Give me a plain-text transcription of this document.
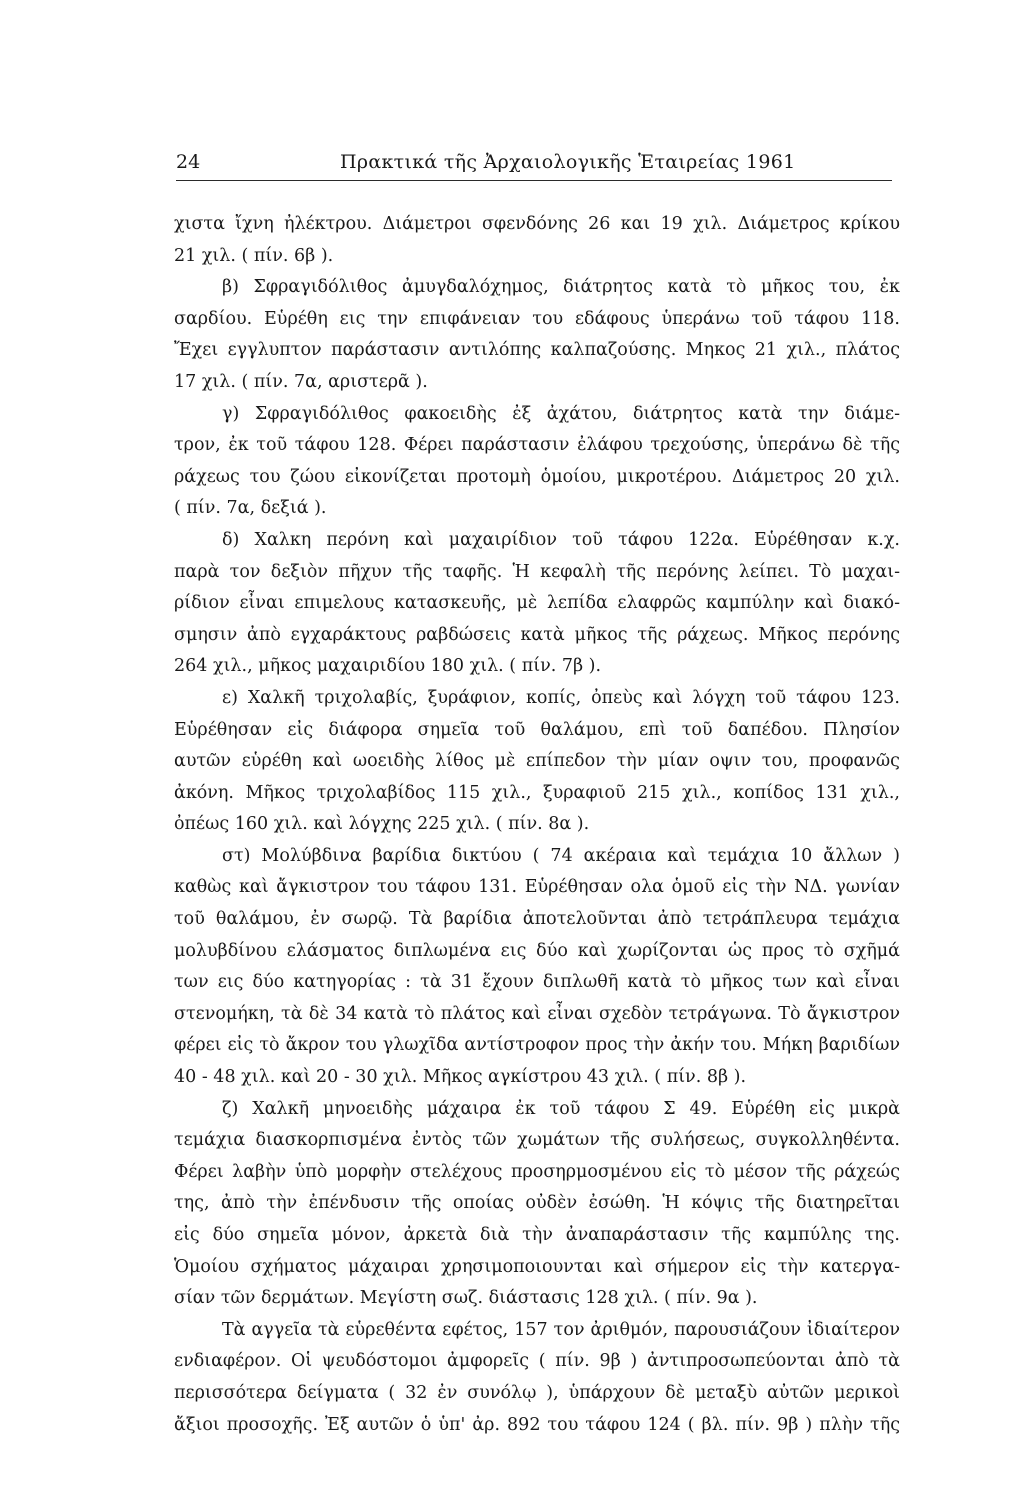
24	Πρακτικά τῆς Ἀρχαιολογικῆς Ἑταιρείας 1961
χιστα ἴχνη ἠλέκτρου. Διάμετροι σφενδόνης 26 και 19 χιλ. Διάμετρος κρίκου
21 χιλ. ( πίν. 6β ).
β) Σφραγιδόλιθος ἀμυγδαλόχημος, διάτρητος κατὰ τὸ μῆκος του, ἐκ
σαρδίου. Εὑρέθη εις την επιφάνειαν του εδάφους ὑπεράνω τοῦ τάφου 118.
Ἔχει εγγλυπτον παράστασιν αντιλόπης καλπαζούσης. Μηκος 21 χιλ., πλάτος
17 χιλ. ( πίν. 7α, αριστερᾶ ).
γ) Σφραγιδόλιθος φακοειδὴς ἐξ ἀχάτου, διάτρητος κατὰ την διάμε-
τρον, ἐκ τοῦ τάφου 128. Φέρει παράστασιν ἐλάφου τρεχούσης, ὑπεράνω δὲ τῆς
ράχεως του ζώου εἰκονίζεται προτομὴ ὁμοίου, μικροτέρου. Διάμετρος 20 χιλ.
( πίν. 7α, δεξιά ).
δ) Χαλκη περόνη καὶ μαχαιρίδιον τοῦ τάφου 122α. Εὑρέθησαν κ.χ.
παρὰ τον δεξιὸν πῆχυν τῆς ταφῆς. Ἡ κεφαλὴ τῆς περόνης λείπει. Τὸ μαχαι-
ρίδιον εἶναι επιμελους κατασκευῆς, μὲ λεπίδα ελαφρῶς καμπύλην καὶ διακό-
σμησιν ἀπὸ εγχαράκτους ραβδώσεις κατὰ μῆκος τῆς ράχεως. Μῆκος περόνης
264 χιλ., μῆκος μαχαιριδίου 180 χιλ. ( πίν. 7β ).
ε) Χαλκῆ τριχολαβίς, ξυράφιον, κοπίς, ὀπεὺς καὶ λόγχη τοῦ τάφου 123.
Εὑρέθησαν εἰς διάφορα σημεῖα τοῦ θαλάμου, επὶ τοῦ δαπέδου. Πλησίον
αυτῶν εὑρέθη καὶ ωοειδὴς λίθος μὲ επίπεδον τὴν μίαν οψιν του, προφανῶς
ἀκόνη. Μῆκος τριχολαβίδος 115 χιλ., ξυραφιοῦ 215 χιλ., κοπίδος 131 χιλ.,
ὀπέως 160 χιλ. καὶ λόγχης 225 χιλ. ( πίν. 8α ).
στ) Μολύβδινα βαρίδια δικτύου ( 74 ακέραια καὶ τεμάχια 10 ἄλλων )
καθὼς καὶ ἄγκιστρον του τάφου 131. Εὑρέθησαν ολα ὁμοῦ εἰς τὴν ΝΔ. γωνίαν
τοῦ θαλάμου, ἐν σωρῷ. Τὰ βαρίδια ἀποτελοῦνται ἀπὸ τετράπλευρα τεμάχια
μολυβδίνου ελάσματος διπλωμένα εις δύο καὶ χωρίζονται ὡς προς τὸ σχῆμά
των εις δύο κατηγορίας : τὰ 31 ἔχουν διπλωθῆ κατὰ τὸ μῆκος των καὶ εἶναι
στενομήκη, τὰ δὲ 34 κατὰ τὸ πλάτος καὶ εἶναι σχεδὸν τετράγωνα. Τὸ ἄγκιστρον
φέρει εἰς τὸ ἄκρον του γλωχῖδα αντίστροφον προς τὴν ἀκήν του. Μήκη βαριδίων
40 - 48 χιλ. καὶ 20 - 30 χιλ. Μῆκος αγκίστρου 43 χιλ. ( πίν. 8β ).
ζ) Χαλκῆ μηνοειδὴς μάχαιρα ἐκ τοῦ τάφου Σ 49. Εὑρέθη εἰς μικρὰ
τεμάχια διασκορπισμένα ἐντὸς τῶν χωμάτων τῆς συλήσεως, συγκολληθέντα.
Φέρει λαβὴν ὑπὸ μορφὴν στελέχους προσηρμοσμένου εἰς τὸ μέσον τῆς ράχεώς
της, ἀπὸ τὴν ἐπένδυσιν τῆς οποίας οὐδὲν ἐσώθη. Ἡ κόψις τῆς διατηρεῖται
εἰς δύο σημεῖα μόνον, ἀρκετὰ διὰ τὴν ἀναπαράστασιν τῆς καμπύλης της.
Ὁμοίου σχήματος μάχαιραι χρησιμοποιουνται καὶ σήμερον εἰς τὴν κατεργα-
σίαν τῶν δερμάτων. Μεγίστη σωζ. διάστασις 128 χιλ. ( πίν. 9α ).
Τὰ αγγεῖα τὰ εὑρεθέντα εφέτος, 157 τον ἀριθμόν, παρουσιάζουν ἰδιαίτερον
ενδιαφέρον. Οἱ ψευδόστομοι ἀμφορεῖς ( πίν. 9β ) ἀντιπροσωπεύονται ἀπὸ τὰ
περισσότερα δείγματα ( 32 ἐν συνόλῳ ), ὑπάρχουν δὲ μεταξὺ αὐτῶν μερικοὶ
ἄξιοι προσοχῆς. Ἐξ αυτῶν ὁ ὑπ' ἀρ. 892 του τάφου 124 ( βλ. πίν. 9β ) πλὴν τῆς
